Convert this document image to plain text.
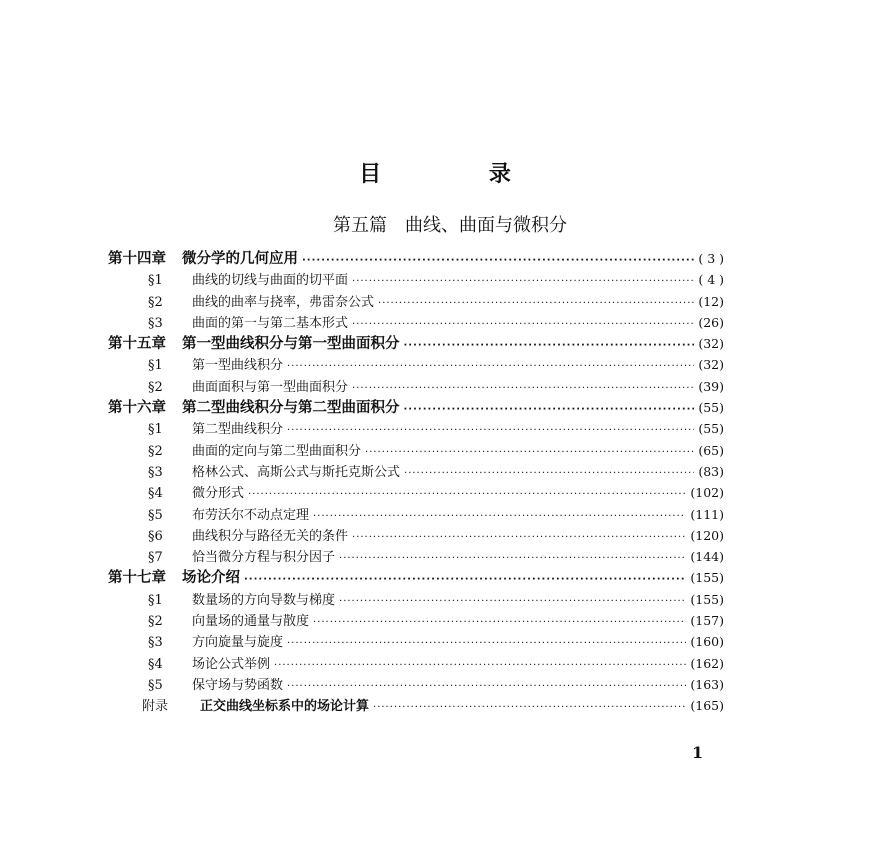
目 录
第五篇　曲线、曲面与微积分
第十四章 微分学的几何应用 ·····	( 3 )
§1	曲线的切线与曲面的切平面 ·····	( 4 )
§2	曲线的曲率与挠率，弗雷奈公式 ·····	(12)
§3	曲面的第一与第二基本形式 ·····	(26)
第十五章 第一型曲线积分与第一型曲面积分 ·····	(32)
§1	第一型曲线积分 ·····	(32)
§2	曲面面积与第一型曲面积分 ·····	(39)
第十六章 第二型曲线积分与第二型曲面积分 ·····	(55)
§1	第二型曲线积分 ·····	(55)
§2	曲面的定向与第二型曲面积分 ·····	(65)
§3	格林公式、高斯公式与斯托克斯公式 ·····	(83)
§4	微分形式 ·····	(102)
§5	布劳沃尔不动点定理 ·····	(111)
§6	曲线积分与路径无关的条件 ·····	(120)
§7	恰当微分方程与积分因子 ·····	(144)
第十七章 场论介绍 ·····	(155)
§1	数量场的方向导数与梯度 ·····	(155)
§2	向量场的通量与散度 ·····	(157)
§3	方向旋量与旋度 ·····	(160)
§4	场论公式举例 ·····	(162)
§5	保守场与势函数 ·····	(163)
附录	正交曲线坐标系中的场论计算 ·····	(165)
1
